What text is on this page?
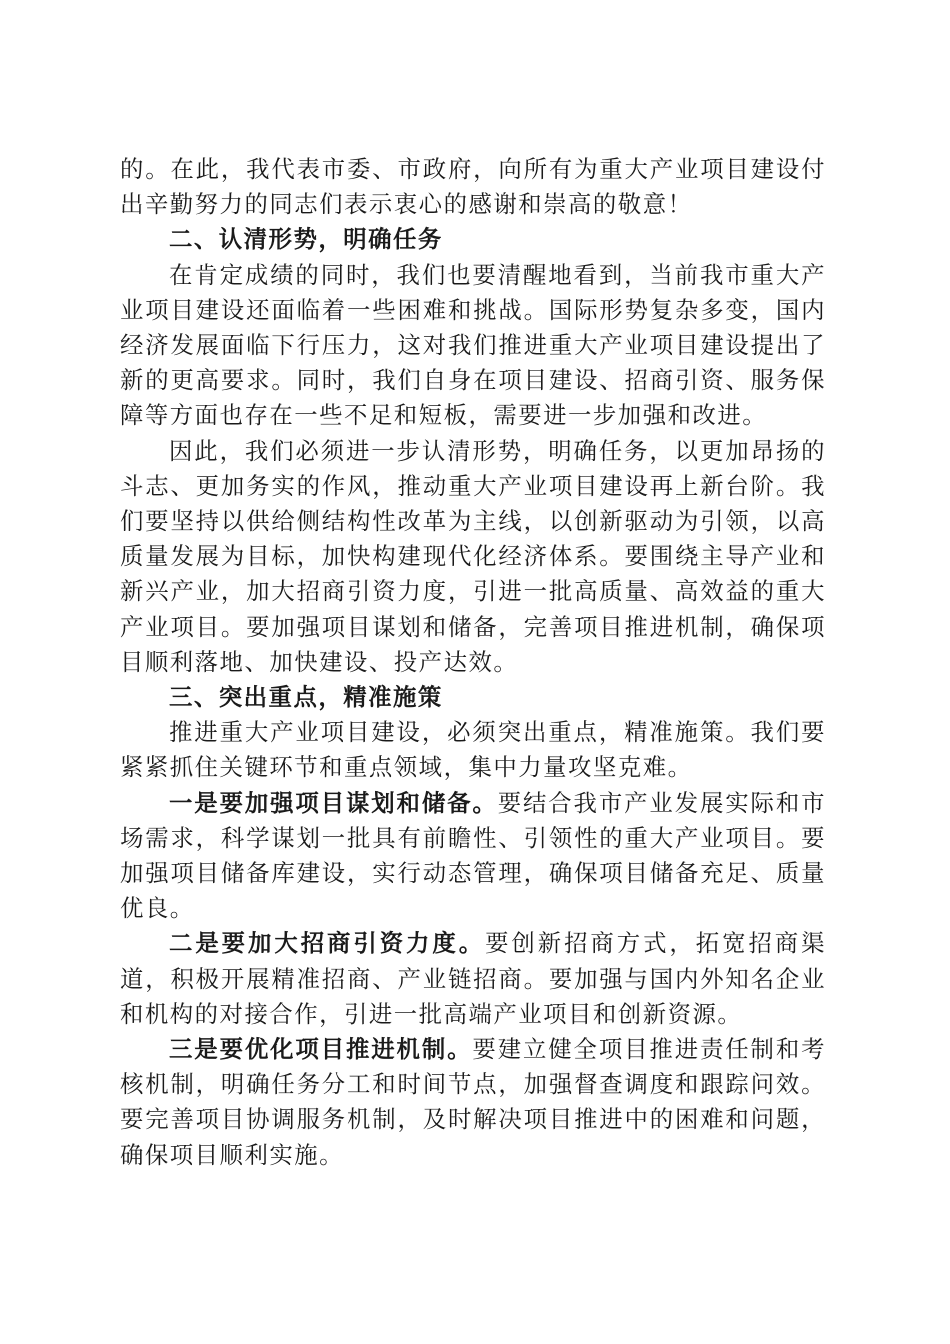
的。在此，我代表市委、市政府，向所有为重大产业项目建设付出辛勤努力的同志们表示衷心的感谢和崇高的敬意！

二、认清形势，明确任务

在肯定成绩的同时，我们也要清醒地看到，当前我市重大产业项目建设还面临着一些困难和挑战。国际形势复杂多变，国内经济发展面临下行压力，这对我们推进重大产业项目建设提出了新的更高要求。同时，我们自身在项目建设、招商引资、服务保障等方面也存在一些不足和短板，需要进一步加强和改进。

因此，我们必须进一步认清形势，明确任务，以更加昂扬的斗志、更加务实的作风，推动重大产业项目建设再上新台阶。我们要坚持以供给侧结构性改革为主线，以创新驱动为引领，以高质量发展为目标，加快构建现代化经济体系。要围绕主导产业和新兴产业，加大招商引资力度，引进一批高质量、高效益的重大产业项目。要加强项目谋划和储备，完善项目推进机制，确保项目顺利落地、加快建设、投产达效。

三、突出重点，精准施策

推进重大产业项目建设，必须突出重点，精准施策。我们要紧紧抓住关键环节和重点领域，集中力量攻坚克难。

一是要加强项目谋划和储备。要结合我市产业发展实际和市场需求，科学谋划一批具有前瞻性、引领性的重大产业项目。要加强项目储备库建设，实行动态管理，确保项目储备充足、质量优良。

二是要加大招商引资力度。要创新招商方式，拓宽招商渠道，积极开展精准招商、产业链招商。要加强与国内外知名企业和机构的对接合作，引进一批高端产业项目和创新资源。

三是要优化项目推进机制。要建立健全项目推进责任制和考核机制，明确任务分工和时间节点，加强督查调度和跟踪问效。要完善项目协调服务机制，及时解决项目推进中的困难和问题，确保项目顺利实施。
